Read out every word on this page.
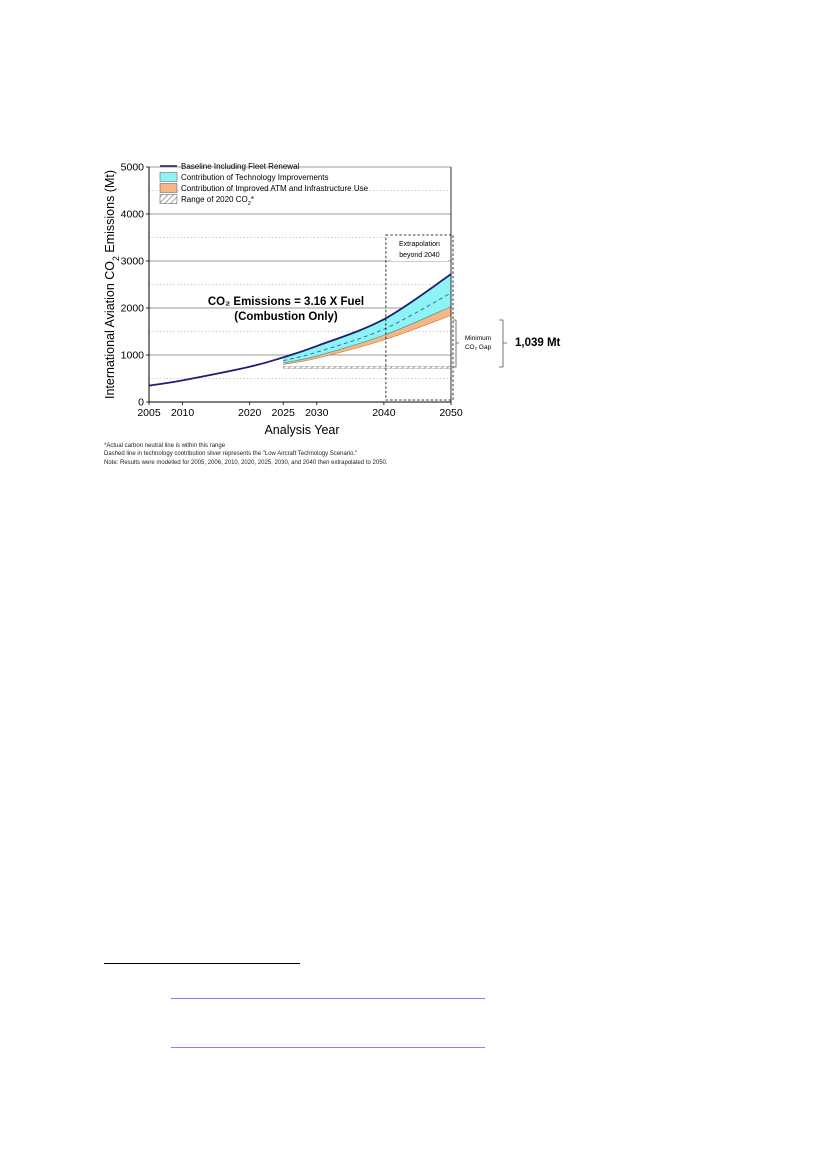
0
1000
2000
3000
4000
5000
2005 2010	2020 2025 2030	2040	2050
Analysis Year
International Aviation $CO_2$ Emissions (Mt)
Baseline Including Fleet Renewal
Contribution of Technology Improvements
Contribution of Improved ATM and Infrastructure Use
Range of 2020 $CO_2*$
Extrapolation
beyond 2040
CO₂ Emissions = 3.16 X Fuel
(Combustion Only)
Minimum
CO₂ Gap 1,039 Mt
*Actual carbon neutral line is within this range
Dashed line in technology contribution sliver represents the "Low Aircraft Technology Scenario."
Note: Results were modelled for 2005, 2006, 2010, 2020, 2025, 2030, and 2040 then extrapolated to 2050.
